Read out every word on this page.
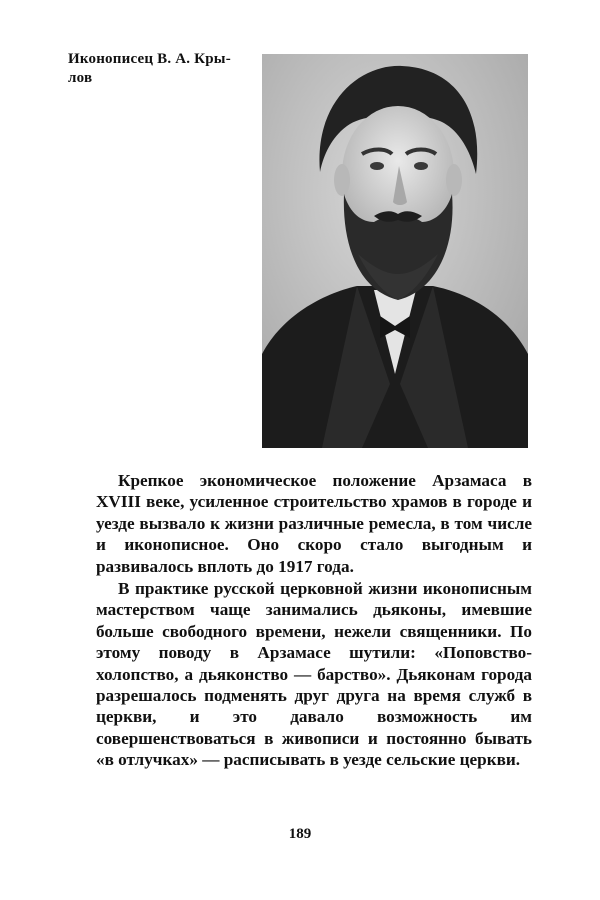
Иконописец В. А. Кры-
лов

Крепкое экономическое положение Арзамаса в XVIII веке, усиленное строительство храмов в городе и уезде вызвало к жизни различные ремесла, в том числе и иконописное. Оно скоро стало выгодным и развивалось вплоть до 1917 года.

В практике русской церковной жизни иконописным мастерством чаще занимались дьяконы, имевшие больше свободного времени, нежели священники. По этому поводу в Арзамасе шутили: «Поповство-холопство, а дьяконство — барство». Дьяконам города разрешалось подменять друг друга на время служб в церкви, и это давало возможность им совершенствоваться в живописи и постоянно бывать «в отлучках» — расписывать в уезде сельские церкви.

189
